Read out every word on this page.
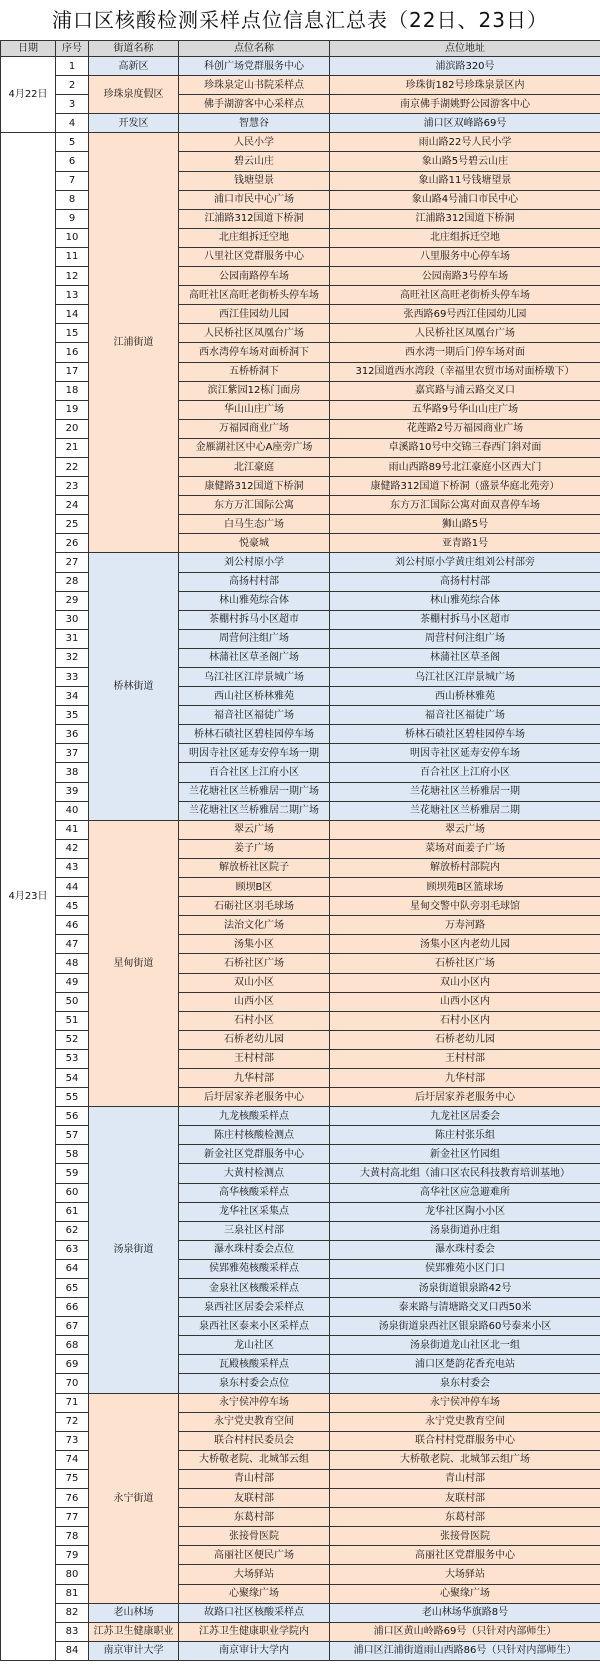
浦口区核酸检测采样点位信息汇总表（22日、23日）
日期	序号	街道名称	点位名称	点位地址
4月22日	1	高新区	科创广场党群服务中心	浦滨路320号
	2	珍珠泉度假区	珍珠泉定山书院采样点	珍珠街182号珍珠泉景区内
	3		佛手湖游客中心采样点	南京佛手湖姚野公园游客中心
	4	开发区	智慧谷	浦口区双峰路69号
4月23日	5	江浦街道	人民小学	雨山路22号人民小学
	6		碧云山庄	象山路5号碧云山庄
	7		钱塘望景	象山路11号钱塘望景
	8		浦口市民中心广场	象山路4号浦口市民中心
	9		江浦路312国道下桥洞	江浦路312国道下桥洞
	10		北庄组拆迁空地	北庄组拆迁空地
	11		八里社区党群服务中心	八里服务中心停车场
	12		公园南路停车场	公园南路3号停车场
	13		高旺社区高旺老街桥头停车场	高旺社区高旺老街桥头停车场
	14		西江佳园幼儿园	张西路69号西江佳园幼儿园
	15		人民桥社区凤凰台广场	人民桥社区凤凰台广场
	16		西水湾停车场对面桥洞下	西水湾一期后门停车场对面
	17		五桥桥洞下	312国道西水湾段（幸福里农贸市场对面桥墩下）
	18		滨江紫园12栋门面房	嘉宾路与浦云路交叉口
	19		华山山庄广场	五华路9号华山山庄广场
	20		万福园商业广场	花莲路2号万福园商业广场
	21		金雁湖社区中心A座旁广场	卓溪路10号中交锦三春西门斜对面
	22		北江豪庭	雨山西路89号北江豪庭小区西大门
	23		康健路312国道下桥洞	康健路312国道下桥洞（盛景华庭北苑旁）
	24		东方万汇国际公寓	东方万汇国际公寓对面双喜停车场
	25		白马生态广场	狮山路5号
	26		悦豪城	亚青路1号
	27	桥林街道	刘公村原小学	刘公村原小学黄庄组刘公村部旁
	28		高扬村村部	高扬村村部
	29		林山雅苑综合体	林山雅苑综合体
	30		茶棚村拆马小区超市	茶棚村拆马小区超市
	31		周营何注组广场	周营村何注组广场
	32		林蒲社区草圣阁广场	林蒲社区草圣阁
	33		乌江社区江岸景城广场	乌江社区江岸景城广场
	34		西山社区桥林雅苑	西山桥林雅苑
	35		福音社区福徒广场	福音社区福徒广场
	36		桥林石碛社区碧桂园停车场	桥林石碛社区碧桂园停车场
	37		明因寺社区延寿安停车场一期	明因寺社区延寿安停车场
	38		百合社区上江府小区	百合社区上江府小区
	39		兰花塘社区兰桥雅居一期广场	兰花塘社区兰桥雅居一期
	40		兰花塘社区兰桥雅居二期广场	兰花塘社区兰桥雅居二期
	41	星甸街道	翠云广场	翠云广场
	42		姜子广场	菜场对面姜子广场
	43		解放桥社区院子	解放桥村部院内
	44		顾坝B区	顾坝苑B区篮球场
	45		石砺社区羽毛球场	星甸交警中队旁羽毛球馆
	46		法治文化广场	万寿河路
	47		汤集小区	汤集小区内老幼儿园
	48		石桥社区广场	石桥社区广场
	49		双山小区	双山小区内
	50		山西小区	山西小区内
	51		石村小区	石村小区内
	52		石桥老幼儿园	石桥老幼儿园
	53		王村村部	王村村部
	54		九华村部	九华村部
	55		后圩居家养老服务中心	后圩居家养老服务中心
	56	汤泉街道	九龙核酸采样点	九龙社区居委会
	57		陈庄村核酸检测点	陈庄村张乐组
	58		新金社区党群服务中心	新金社区竹园组
	59		大黄村检测点	大黄村高北组（浦口区农民科技教育培训基地）
	60		高华核酸采样点	高华社区应急避难所
	61		龙华社区采集点	龙华社区陶小小区
	62		三泉社区村部	汤泉街道孙庄组
	63		瀑水珠村委会点位	瀑水珠村委会
	64		侯郢雅苑核酸采样点	侯郢雅苑小区门口
	65		金泉社区核酸采样点	汤泉街道银泉路42号
	66		泉西社区居委会采样点	泰来路与清塘路交叉口西50米
	67		泉西社区泰来小区采样点	汤泉街道泉西社区银泉路60号泰来小区
	68		龙山社区	汤泉街道龙山社区北一组
	69		瓦殿核酸采样点	浦口区楚韵花香充电站
	70		泉东村委会点位	泉东村委会
	71	永宁街道	永宁侯冲停车场	永宁侯冲停车场
	72		永宁党史教育空间	永宁党史教育空间
	73		联合村村民委员会	联合村村党群服务中心
	74		大桥敬老院、北城邹云组	大桥敬老院、北城邹云组广场
	75		青山村部	青山村部
	76		友联村部	友联村部
	77		东葛村部	东葛村部
	78		张接骨医院	张接骨医院
	79		高丽社区便民广场	高丽社区党群服务中心
	80		大场驿站	大场驿站
	81		心聚缘广场	心聚缘广场
	82	老山林场	故路口社区核酸采样点	老山林场华旗路8号
	83	江苏卫生健康职业	江苏卫生健康职业学院内	浦口区黄山岭路69号（只针对内部师生）
	84	南京审计大学	南京审计大学内	浦口区江浦街道雨山西路86号（只针对内部师生）
